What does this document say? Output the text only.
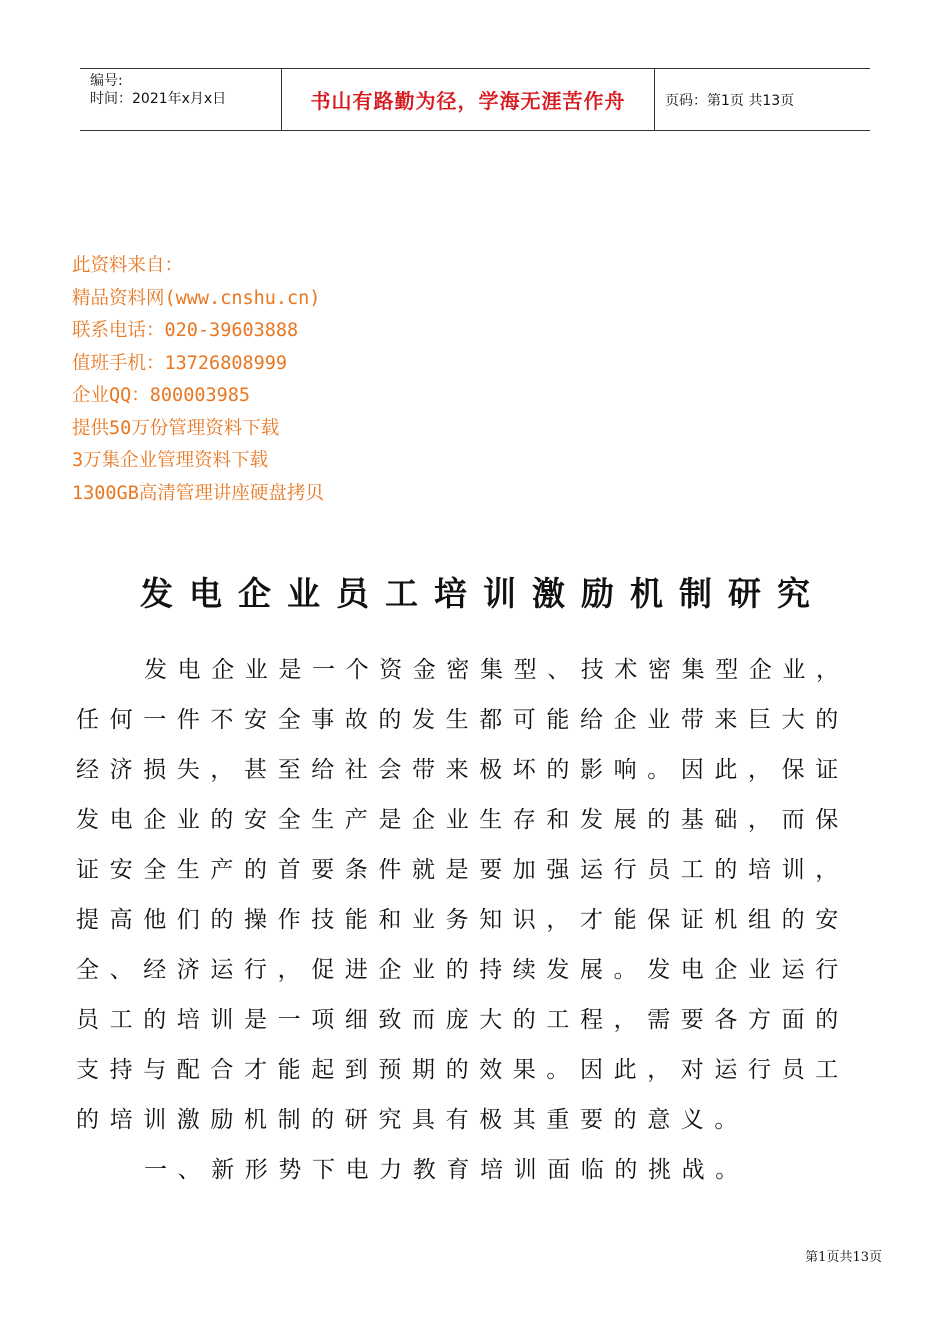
编号:
时间：2021年x月x日	书山有路勤为径，学海无涯苦作舟	页码：第1页 共13页
此资料来自：
精品资料网(www.cnshu.cn)
联系电话：020-39603888
值班手机：13726808999
企业QQ：800003985
提供50万份管理资料下载
3万集企业管理资料下载
1300GB高清管理讲座硬盘拷贝
发电企业员工培训激励机制研究

发电企业是一个资金密集型、技术密集型企业，任何一件不安全事故的发生都可能给企业带来巨大的经济损失，甚至给社会带来极坏的影响。因此，保证发电企业的安全生产是企业生存和发展的基础，而保证安全生产的首要条件就是要加强运行员工的培训，提高他们的操作技能和业务知识，才能保证机组的安全、经济运行，促进企业的持续发展。发电企业运行员工的培训是一项细致而庞大的工程，需要各方面的支持与配合才能起到预期的效果。因此，对运行员工的培训激励机制的研究具有极其重要的意义。

一、新形势下电力教育培训面临的挑战。

第1页共13页
